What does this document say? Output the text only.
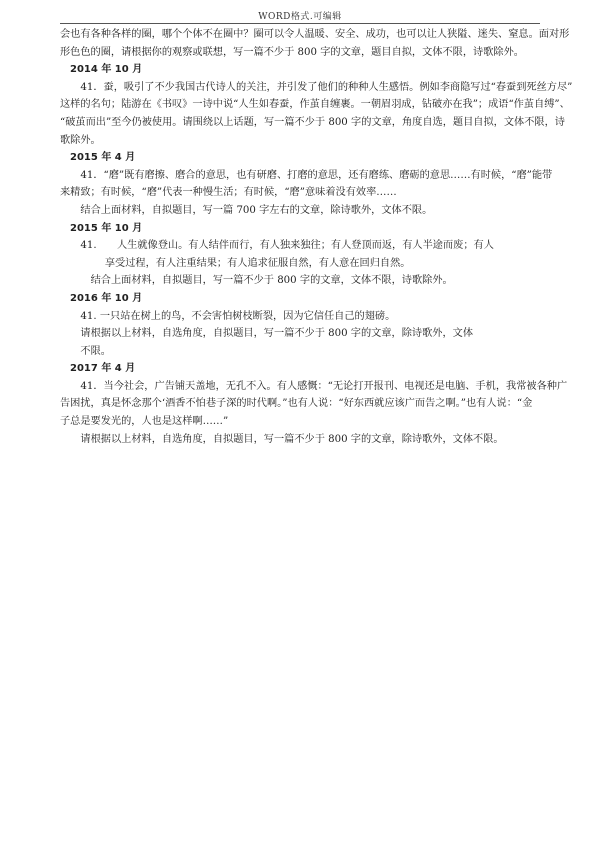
WORD格式.可编辑

会也有各种各样的圈，哪个个体不在圈中？圈可以令人温暖、安全、成功，也可以让人狭隘、迷失、窒息。面对形

形色色的圈，请根据你的观察或联想，写一篇不少于 800 字的文章，题目自拟，文体不限，诗歌除外。

2014 年 10 月

41．蚕，吸引了不少我国古代诗人的关注，并引发了他们的种种人生感悟。例如李商隐写过“春蚕到死丝方尽”

这样的名句；陆游在《书叹》一诗中说“人生如春蚕，作茧自缠裹。一朝眉羽成，钻破亦在我”；成语“作茧自缚”、

“破茧而出”至今仍被使用。请围绕以上话题，写一篇不少于 800 字的文章，角度自选，题目自拟，文体不限，诗

歌除外。

2015 年 4 月

41．“磨”既有磨擦、磨合的意思，也有研磨、打磨的意思，还有磨练、磨砺的意思……有时候，“磨”能带

来精致；有时候，“磨”代表一种慢生活；有时候，“磨”意味着没有效率……

结合上面材料，自拟题目，写一篇 700 字左右的文章，除诗歌外，文体不限。

2015 年 10 月

41.　　人生就像登山。有人结伴而行，有人独来独往；有人登顶而返，有人半途而废；有人

享受过程，有人注重结果；有人追求征服自然，有人意在回归自然。

结合上面材料，自拟题目，写一篇不少于 800 字的文章，文体不限，诗歌除外。

2016 年 10 月

41. 一只站在树上的鸟，不会害怕树枝断裂，因为它信任自己的翅磅。

请根据以上材料，自选角度，自拟题目，写一篇不少于 800 字的文章，除诗歌外，文体

不限。

2017 年 4 月

41．当今社会，广告铺天盖地，无孔不入。有人感慨：“无论打开报刊、电视还是电脑、手机，我常被各种广

告困扰，真是怀念那个‘酒香不怕巷子深的时代啊。”也有人说：“好东西就应该广而告之啊。”也有人说：“金

子总是要发光的，人也是这样啊……”

请根据以上材料，自选角度，自拟题目，写一篇不少于 800 字的文章，除诗歌外，文体不限。
